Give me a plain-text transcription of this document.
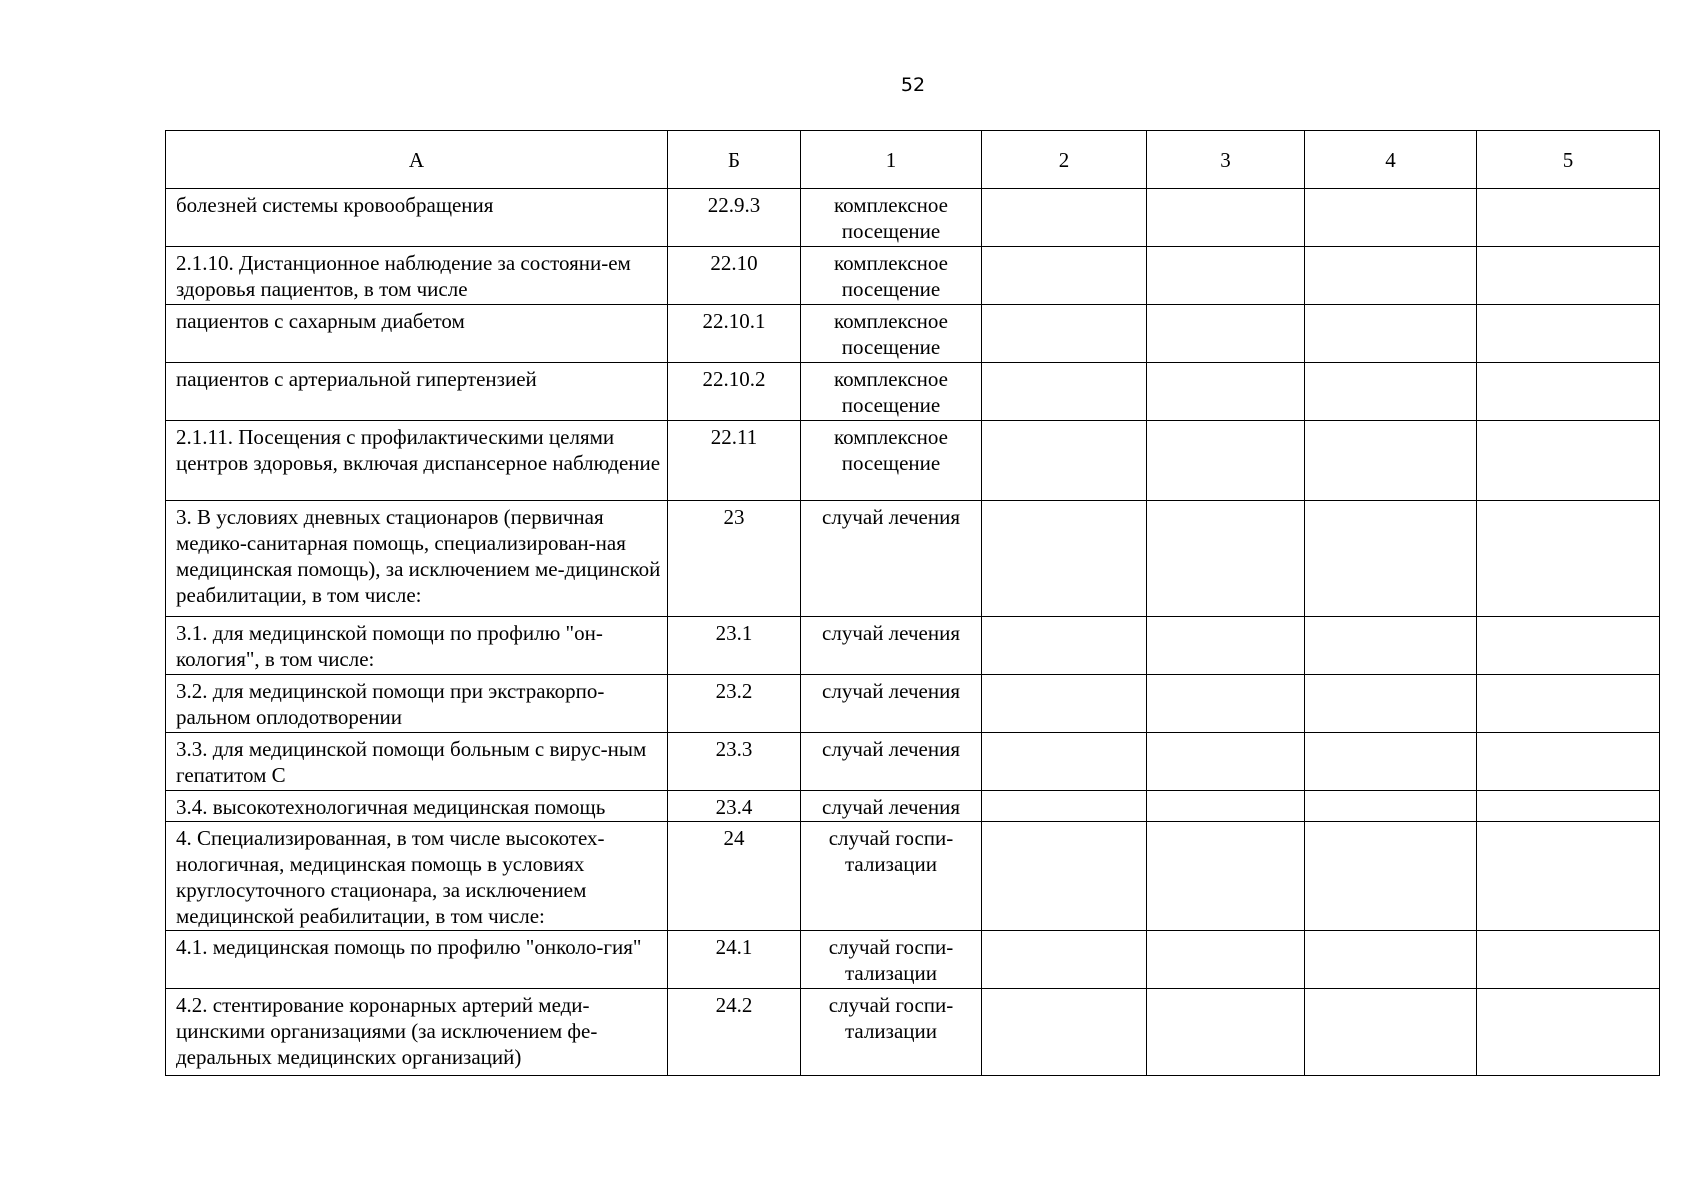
52
А	Б	1	2	3	4	5
болезней системы кровообращения	22.9.3	комплексное посещение				
2.1.10. Дистанционное наблюдение за состояни-ем здоровья пациентов, в том числе	22.10	комплексное посещение				
пациентов с сахарным диабетом	22.10.1	комплексное посещение				
пациентов с артериальной гипертензией	22.10.2	комплексное посещение				
2.1.11. Посещения с профилактическими целями центров здоровья, включая диспансерное наблюдение	22.11	комплексное посещение				
3. В условиях дневных стационаров (первичная медико-санитарная помощь, специализирован-ная медицинская помощь), за исключением ме-дицинской реабилитации, в том числе:	23	случай лечения				
3.1. для медицинской помощи по профилю "он-кология", в том числе:	23.1	случай лечения				
3.2. для медицинской помощи при экстракорпо-ральном оплодотворении	23.2	случай лечения				
3.3. для медицинской помощи больным с вирус-ным гепатитом С	23.3	случай лечения				
3.4. высокотехнологичная медицинская помощь	23.4	случай лечения				
4. Специализированная, в том числе высокотех-нологичная, медицинская помощь в условиях круглосуточного стационара, за исключением медицинской реабилитации, в том числе:	24	случай госпи-тализации				
4.1. медицинская помощь по профилю "онколо-гия"	24.1	случай госпи-тализации				
4.2. стентирование коронарных артерий меди-цинскими организациями (за исключением фе-деральных медицинских организаций)	24.2	случай госпи-тализации				
